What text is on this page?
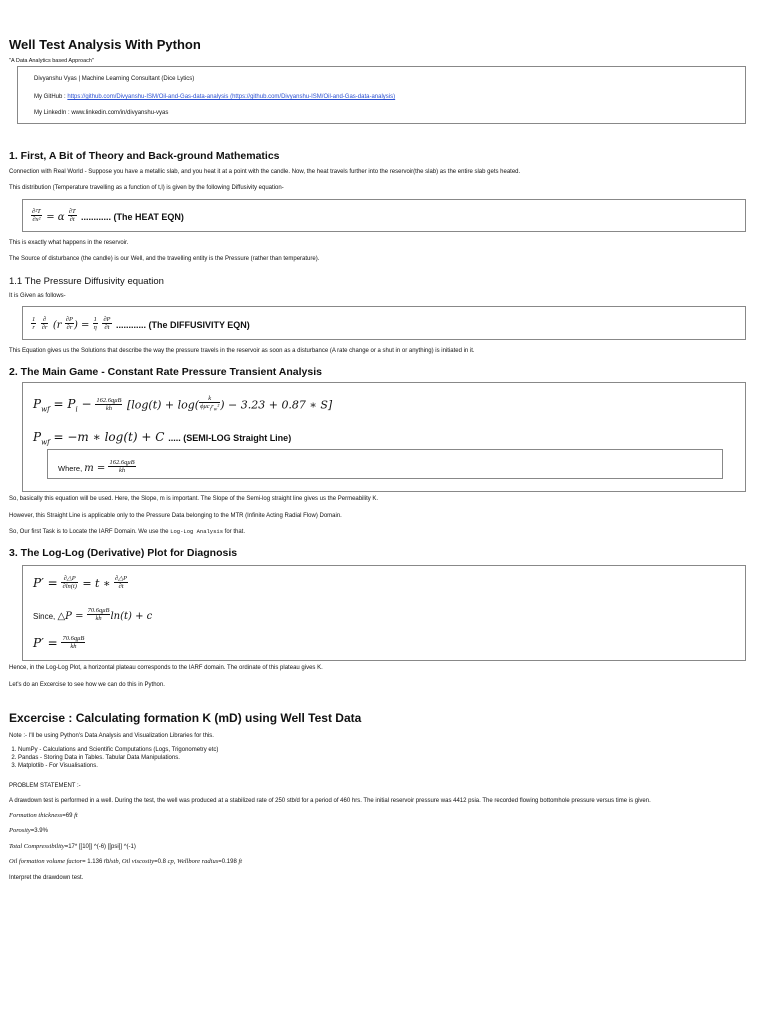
Well Test Analysis With Python
"A Data Analytics based Approach"
Divyanshu Vyas | Machine Learning Consultant (Dice Lytics)
My GitHub : https://github.com/Divyanshu-ISM/Oil-and-Gas-data-analysis (https://github.com/Divyanshu-ISM/Oil-and-Gas-data-analysis)
My LinkedIn : www.linkedin.com/in/divyanshu-vyas
1. First, A Bit of Theory and Back-ground Mathematics
Connection with Real World - Suppose you have a metallic slab, and you heat it at a point with the candle. Now, the heat travels further into the reservoir(the slab) as the entire slab gets heated.
This distribution (Temperature travelling as a function of t,l) is given by the following Diffusivity equation-
$\frac{\text{∂²T}}{\text{∂x²}} = \alpha \frac{\partial T}{\partial t}$ ............ (The HEAT EQN)
This is exactly what happens in the reservoir.
The Source of disturbance (the candle) is our Well, and the travelling entity is the Pressure (rather than temperature).
1.1 The Pressure Diffusivity equation
It is Given as follows-
$\frac{1}{r}$
$\frac{\partial}{\partial r} (r \frac{\partial P}{\partial r}$ ) = $\frac{1}{\eta}$
$\frac{\partial P}{\partial t}$ ............ (The DIFFUSIVITY EQN)
This Equation gives us the Solutions that describe the way the pressure travels in the reservoir as soon as a disturbance (A rate change or a shut in or anything) is initiated in it.
2. The Main Game - Constant Rate Pressure Transient Analysis
$P_{wf} = P_i - \frac{\text{162.6qμB}}{kh} [\log(t) + \log( \frac{k}{\phi\mu c_tr_w^2}$ ) − 3.23 + 0.87 ∗ S]
$P_{wf} = -m$ ∗ log(t) + C ..... (SEMI-LOG Straight Line)
Where, $m = \frac{\text{162.6qμB}}{kh}$
So, basically this equation will be used. Here, the Slope, m is important. The Slope of the Semi-log straight line gives us the Permeability K.
However, this Straight Line is applicable only to the Pressure Data belonging to the MTR (Infinite Acting Radial Flow) Domain.
So, Our first Task is to Locate the IARF Domain. We use the Log-Log Analysis for that.
3. The Log-Log (Derivative) Plot for Diagnosis
$P' = \frac{\partial\triangle P}{\partial\ln(t)} = t$ ∗ $\frac{\partial\triangle P}{\partial t}$
Since, △P = $\frac{\text{70.6qμB}}{kh} \ln(t) + c$
$P' = \frac{\text{70.6qμB}}{kh}$
Hence, in the Log-Log Plot, a horizontal plateau corresponds to the IARF domain. The ordinate of this plateau gives K.
Let's do an Excercise to see how we can do this in Python.
Excercise : Calculating formation K (mD) using Well Test Data
Note :- I'll be using Python's Data Analysis and Visualization Libraries for this.
1. NumPy - Calculations and Scientific Computations (Logs, Trigonometry etc)
2. Pandas - Storing Data in Tables. Tabular Data Manipulations.
3. Matplotlib - For Visualisations.
PROBLEM STATEMENT :-
A drawdown test is performed in a well. During the test, the well was produced at a stabilized rate of 250 stb/d for a period of 460 hrs. The initial reservoir pressure was 4412 psia. The recorded flowing bottomhole pressure versus time is given.
Formation thickness=69 ft
Porosity=3.9%
Total Compressibility=17* [[10]] ^(-6) [[psi]] ^(-1)
Oil formation volume factor= 1.136 rb/stb, Oil viscosity=0.8 cp, Wellbore radius=0.198 ft
Interpret the drawdown test.
